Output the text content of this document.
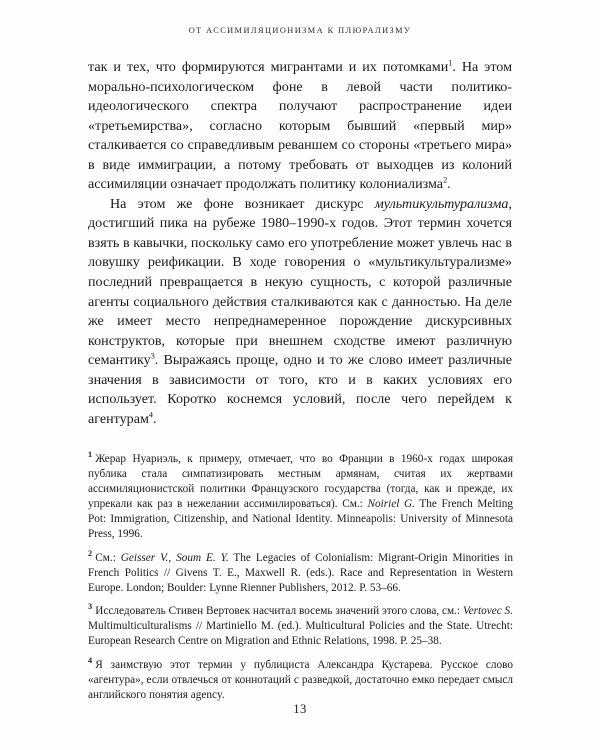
ОТ АССИМИЛЯЦИОНИЗМА К ПЛЮРАЛИЗМУ

так и тех, что формируются мигрантами и их потомками$^1$. На этом морально-психологическом фоне в левой части политико-идеологического спектра получают распространение идеи «третьемирства», согласно которым бывший «первый мир» сталкивается со справедливым реваншем со стороны «третьего мира» в виде иммиграции, а потому требовать от выходцев из колоний ассимиляции означает продолжать политику колониализма$^2$.

На этом же фоне возникает дискурс мультикультурализма, достигший пика на рубеже 1980–1990-х годов. Этот термин хочется взять в кавычки, поскольку само его употребление может увлечь нас в ловушку реификации. В ходе говорения о «мультикультурализме» последний превращается в некую сущность, с которой различные агенты социального действия сталкиваются как с данностью. На деле же имеет место непреднамеренное порождение дискурсивных конструктов, которые при внешнем сходстве имеют различную семантику$^3$. Выражаясь проще, одно и то же слово имеет различные значения в зависимости от того, кто и в каких условиях его использует. Коротко коснемся условий, после чего перейдем к агентурам$^4$.

$^1$ Жерар Нуариэль, к примеру, отмечает, что во Франции в 1960-х годах широкая публика стала симпатизировать местным армянам, считая их жертвами ассимиляционистской политики Французского государства (тогда, как и прежде, их упрекали как раз в нежелании ассимилироваться). См.: Noiriel G. The French Melting Pot: Immigration, Citizenship, and National Identity. Minneapolis: University of Minnesota Press, 1996.

$^2$ См.: Geisser V., Soum E. Y. The Legacies of Colonialism: Migrant-Origin Minorities in French Politics // Givens T. E., Maxwell R. (eds.). Race and Representation in Western Europe. London; Boulder: Lynne Rienner Publishers, 2012. P. 53–66.

$^3$ Исследователь Стивен Вертовек насчитал восемь значений этого слова, см.: Vertovec S. Multimulticulturalisms // Martiniello M. (ed.). Multicultural Policies and the State. Utrecht: European Research Centre on Migration and Ethnic Relations, 1998. P. 25–38.

$^4$ Я заимствую этот термин у публициста Александра Кустарева. Русское слово «агентура», если отвлечься от коннотаций с разведкой, достаточно емко передает смысл английского понятия agency.

13
